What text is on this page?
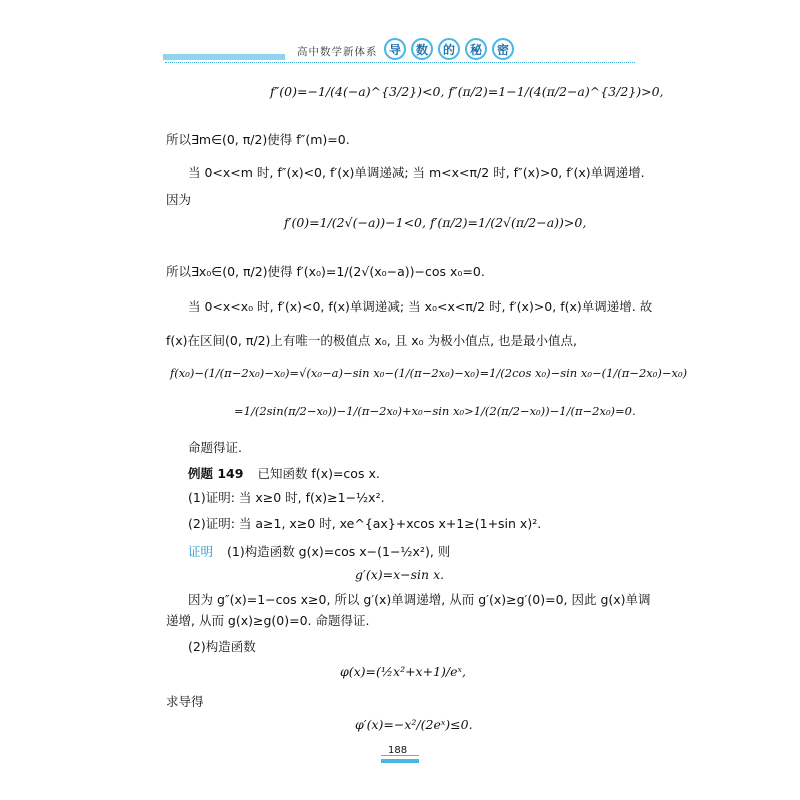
高中数学新体系 导	数	的	秘	密
f″(0)=−1/(4(−a)^{3/2})<0, f″(π/2)=1−1/(4(π/2−a)^{3/2})>0,
所以∃m∈(0, π/2)使得 f″(m)=0.
当 0<x<m 时, f″(x)<0, f′(x)单调递减; 当 m<x<π/2 时, f″(x)>0, f′(x)单调递增.
因为
f′(0)=1/(2√(−a))−1<0, f′(π/2)=1/(2√(π/2−a))>0,
所以∃x₀∈(0, π/2)使得 f′(x₀)=1/(2√(x₀−a))−cos x₀=0.
当 0<x<x₀ 时, f′(x)<0, f(x)单调递减; 当 x₀<x<π/2 时, f′(x)>0, f(x)单调递增. 故
f(x)在区间(0, π/2)上有唯一的极值点 x₀, 且 x₀ 为极小值点, 也是最小值点,
f(x₀)−(1/(π−2x₀)−x₀)=√(x₀−a)−sin x₀−(1/(π−2x₀)−x₀)=1/(2cos x₀)−sin x₀−(1/(π−2x₀)−x₀)
=1/(2sin(π/2−x₀))−1/(π−2x₀)+x₀−sin x₀>1/(2(π/2−x₀))−1/(π−2x₀)=0.
命题得证.
例题 149 已知函数 f(x)=cos x.
(1)证明: 当 x≥0 时, f(x)≥1−½x².
(2)证明: 当 a≥1, x≥0 时, xe^{ax}+xcos x+1≥(1+sin x)².
证明 (1)构造函数 g(x)=cos x−(1−½x²), 则
g′(x)=x−sin x.
因为 g″(x)=1−cos x≥0, 所以 g′(x)单调递增, 从而 g′(x)≥g′(0)=0, 因此 g(x)单调
递增, 从而 g(x)≥g(0)=0. 命题得证.
(2)构造函数
φ(x)=(½x²+x+1)/eˣ,
求导得
φ′(x)=−x²/(2eˣ)≤0.
188
